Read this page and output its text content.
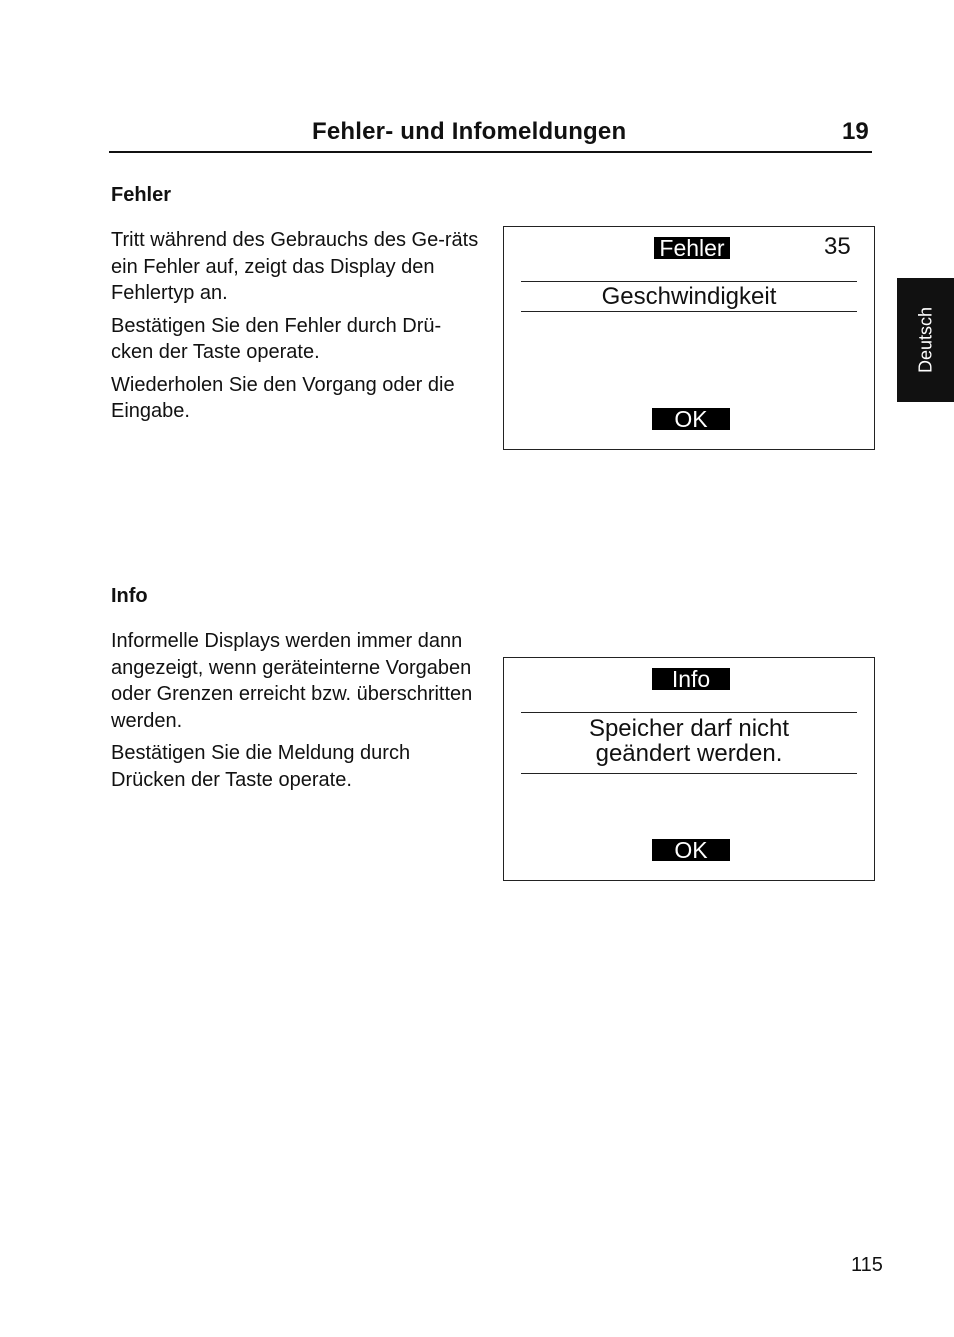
Fehler- und Infomeldungen	19
Deutsch
Fehler

Tritt während des Gebrauchs des Ge-räts ein Fehler auf, zeigt das Display den Fehlertyp an.

Bestätigen Sie den Fehler durch Drü-cken der Taste operate.

Wiederholen Sie den Vorgang oder die Eingabe.

Fehler	35
Geschwindigkeit
OK
Info

Informelle Displays werden immer dann angezeigt, wenn geräteinterne Vorgaben oder Grenzen erreicht bzw. überschritten werden.

Bestätigen Sie die Meldung durch Drücken der Taste operate.

Info
Speicher darf nicht
geändert werden.
OK
115
